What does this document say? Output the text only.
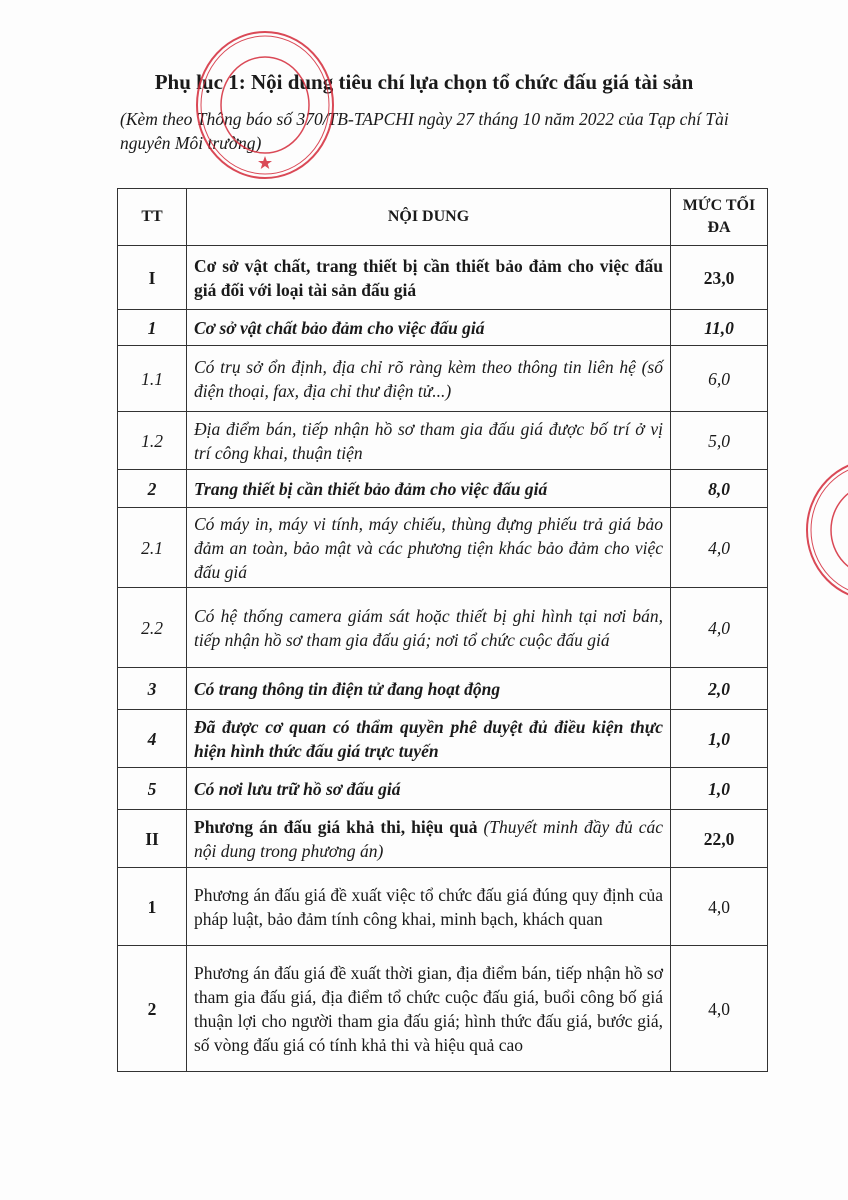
Phụ lục 1: Nội dung tiêu chí lựa chọn tổ chức đấu giá tài sản
(Kèm theo Thông báo số 370/TB-TAPCHI ngày 27 tháng 10 năm 2022 của Tạp chí Tài nguyên Môi trường)
TT	NỘI DUNG	MỨC TỐI ĐA
I	Cơ sở vật chất, trang thiết bị cần thiết bảo đảm cho việc đấu giá đối với loại tài sản đấu giá	23,0
1	Cơ sở vật chất bảo đảm cho việc đấu giá	11,0
1.1	Có trụ sở ổn định, địa chỉ rõ ràng kèm theo thông tin liên hệ (số điện thoại, fax, địa chỉ thư điện tử...)	6,0
1.2	Địa điểm bán, tiếp nhận hồ sơ tham gia đấu giá được bố trí ở vị trí công khai, thuận tiện	5,0
2	Trang thiết bị cần thiết bảo đảm cho việc đấu giá	8,0
2.1	Có máy in, máy vi tính, máy chiếu, thùng đựng phiếu trả giá bảo đảm an toàn, bảo mật và các phương tiện khác bảo đảm cho việc đấu giá	4,0
2.2	Có hệ thống camera giám sát hoặc thiết bị ghi hình tại nơi bán, tiếp nhận hồ sơ tham gia đấu giá; nơi tổ chức cuộc đấu giá	4,0
3	Có trang thông tin điện tử đang hoạt động	2,0
4	Đã được cơ quan có thẩm quyền phê duyệt đủ điều kiện thực hiện hình thức đấu giá trực tuyến	1,0
5	Có nơi lưu trữ hồ sơ đấu giá	1,0
II	Phương án đấu giá khả thi, hiệu quả (Thuyết minh đầy đủ các nội dung trong phương án)	22,0
1	Phương án đấu giá đề xuất việc tổ chức đấu giá đúng quy định của pháp luật, bảo đảm tính công khai, minh bạch, khách quan	4,0
2	Phương án đấu giá đề xuất thời gian, địa điểm bán, tiếp nhận hồ sơ tham gia đấu giá, địa điểm tổ chức cuộc đấu giá, buổi công bố giá thuận lợi cho người tham gia đấu giá; hình thức đấu giá, bước giá, số vòng đấu giá có tính khả thi và hiệu quả cao	4,0
